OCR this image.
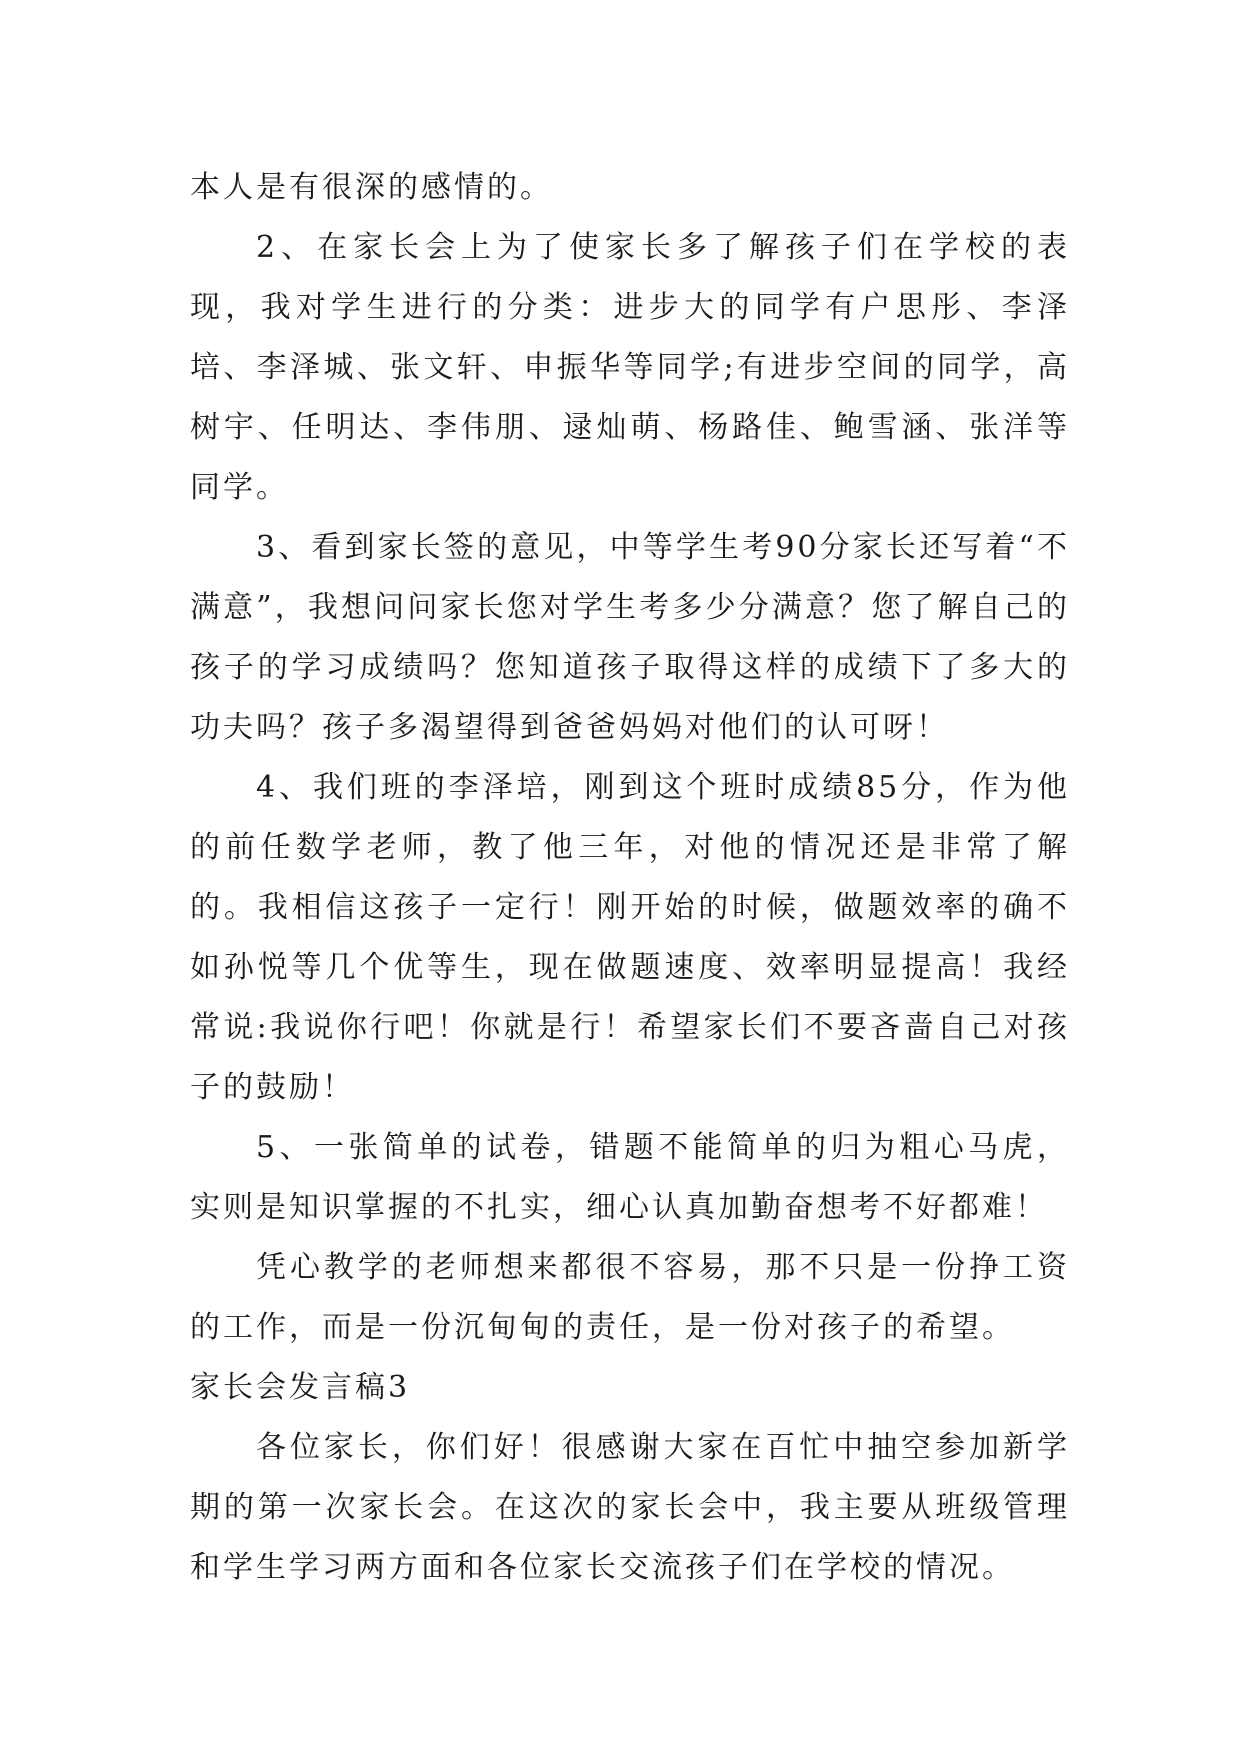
本人是有很深的感情的。

2、在家长会上为了使家长多了解孩子们在学校的表现，我对学生进行的分类：进步大的同学有户思彤、李泽培、李泽城、张文轩、申振华等同学;有进步空间的同学，高树宇、任明达、李伟朋、逯灿萌、杨路佳、鲍雪涵、张洋等同学。

3、看到家长签的意见，中等学生考90分家长还写着“不满意”，我想问问家长您对学生考多少分满意？您了解自己的孩子的学习成绩吗？您知道孩子取得这样的成绩下了多大的功夫吗？孩子多渴望得到爸爸妈妈对他们的认可呀！

4、我们班的李泽培，刚到这个班时成绩85分，作为他的前任数学老师，教了他三年，对他的情况还是非常了解的。我相信这孩子一定行！刚开始的时候，做题效率的确不如孙悦等几个优等生，现在做题速度、效率明显提高！我经常说:我说你行吧！你就是行！希望家长们不要吝啬自己对孩子的鼓励！

5、一张简单的试卷，错题不能简单的归为粗心马虎，实则是知识掌握的不扎实，细心认真加勤奋想考不好都难！

凭心教学的老师想来都很不容易，那不只是一份挣工资的工作，而是一份沉甸甸的责任，是一份对孩子的希望。

家长会发言稿3

各位家长，你们好！很感谢大家在百忙中抽空参加新学期的第一次家长会。在这次的家长会中，我主要从班级管理和学生学习两方面和各位家长交流孩子们在学校的情况。
